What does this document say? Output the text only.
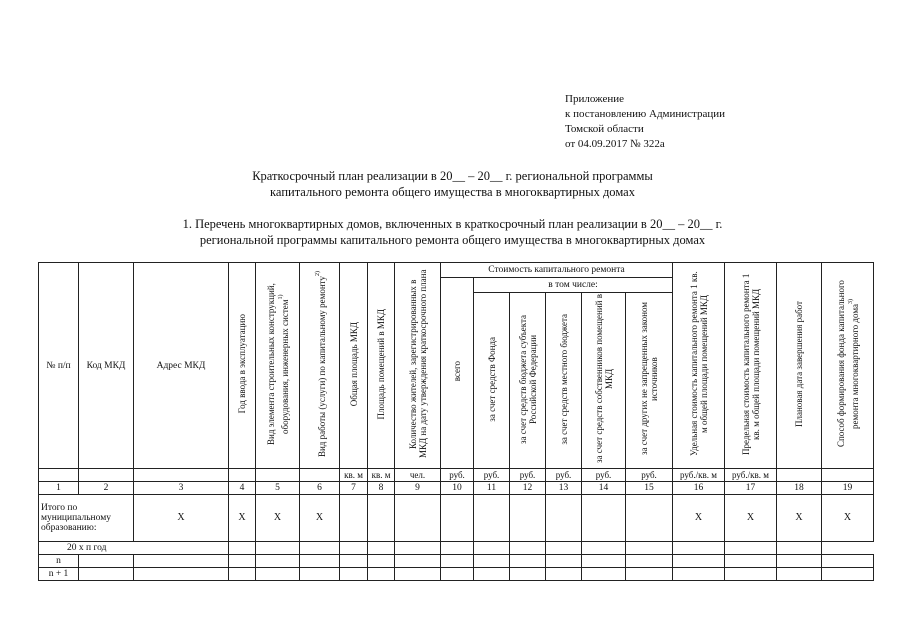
Приложение
к постановлению Администрации
Томской области
от 04.09.2017 № 322а
Краткосрочный план реализации в 20__ – 20__ г. региональной программы
капитального ремонта общего имущества в многоквартирных домах
1. Перечень многоквартирных домов, включенных в краткосрочный план реализации в 20__ – 20__ г.
региональной программы капитального ремонта общего имущества в многоквартирных домах
№ п/п	Код МКД	Адрес МКД	Год ввода в эксплуатацию	Вид элемента строительных конструкций, оборудования, инженерных систем$^{1)}$	Вид работы (услуги) по капитальному ремонту$^{2)}$	Общая площадь МКД	Площадь помещений в МКД	Количество жителей, зарегистрированных в МКД на дату утверждения краткосрочного плана	Стоимость капитального ремонта						Удельная стоимость капитального ремонта 1 кв. м общей площади помещений МКД	Предельная стоимость капитального ремонта 1 кв. м общей площади помещений МКД	Плановая дата завершения работ	Способ формирования фонда капитального ремонта многоквартирного дома$^{3)}$
									всего	в том числе:								
										за счет средств Фонда	за счет средств бюджета субъекта Российской Федерации	за счет средств местного бюджета	за счет средств собственников помещений в МКД	за счет других не запрещенных законом источников				
						кв. м	кв. м	чел.	руб.	руб.	руб.	руб.	руб.	руб.	руб./кв. м	руб./кв. м		
1	2	3	4	5	6	7	8	9	10	11	12	13	14	15	16	17	18	19
Итого по муниципальному образованию:		X	X	X	X										X	X	X	X
20 х п год																		
n																		
n + 1																		
